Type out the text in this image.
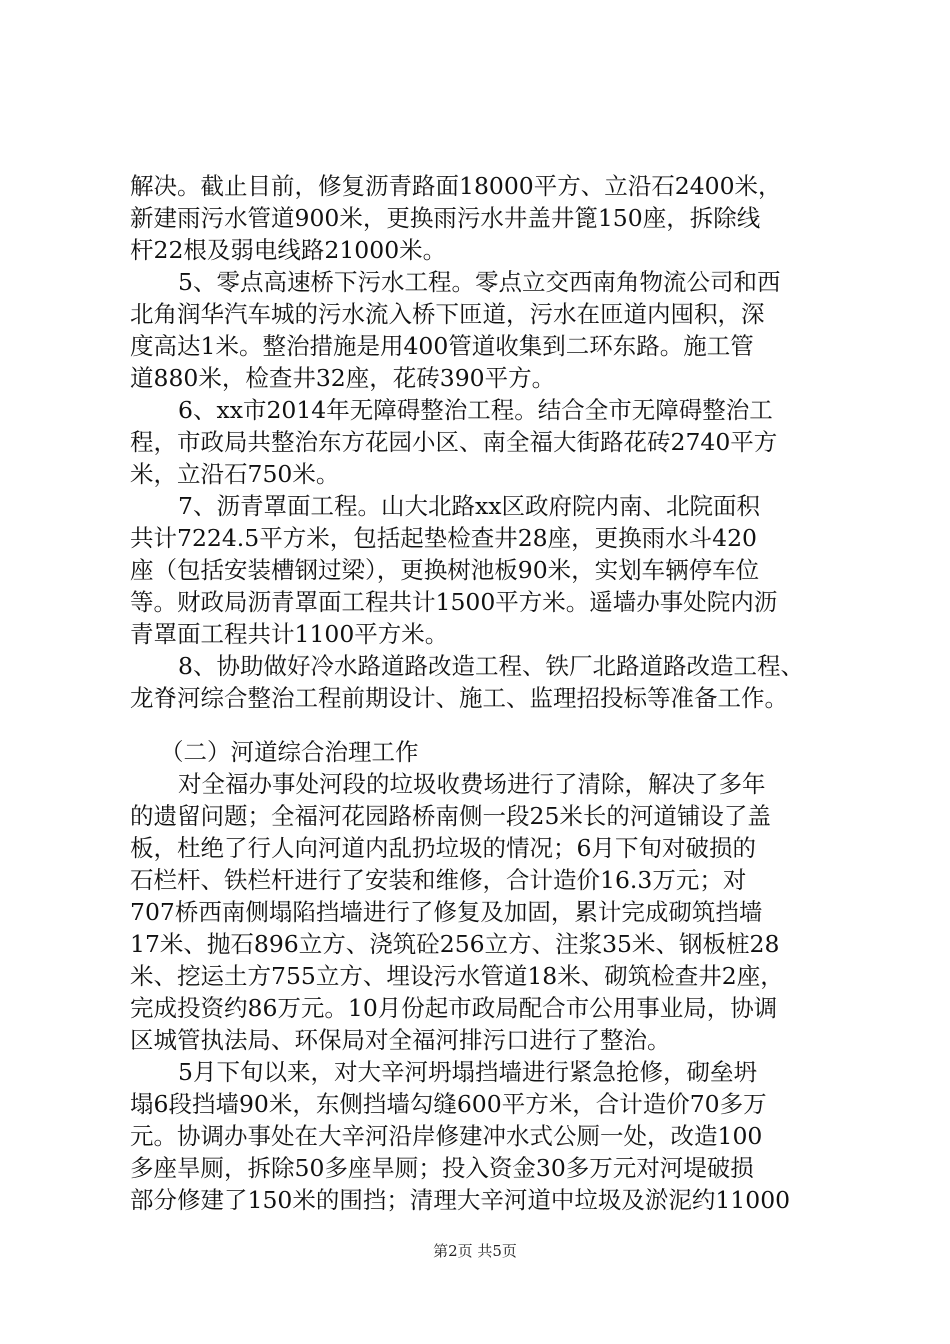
解决。截止目前，修复沥青路面18000平方、立沿石2400米，
新建雨污水管道900米，更换雨污水井盖井篦150座，拆除线
杆22根及弱电线路21000米。
5、零点高速桥下污水工程。零点立交西南角物流公司和西
北角润华汽车城的污水流入桥下匝道，污水在匝道内囤积，深
度高达1米。整治措施是用400管道收集到二环东路。施工管
道880米，检查井32座，花砖390平方。
6、xx市2014年无障碍整治工程。结合全市无障碍整治工
程，市政局共整治东方花园小区、南全福大街路花砖2740平方
米，立沿石750米。
7、沥青罩面工程。山大北路xx区政府院内南、北院面积
共计7224.5平方米，包括起垫检查井28座，更换雨水斗420
座（包括安装槽钢过梁），更换树池板90米，实划车辆停车位
等。财政局沥青罩面工程共计1500平方米。遥墙办事处院内沥
青罩面工程共计1100平方米。
8、协助做好冷水路道路改造工程、铁厂北路道路改造工程、
龙脊河综合整治工程前期设计、施工、监理招投标等准备工作。
（二）河道综合治理工作
对全福办事处河段的垃圾收费场进行了清除，解决了多年
的遗留问题；全福河花园路桥南侧一段25米长的河道铺设了盖
板，杜绝了行人向河道内乱扔垃圾的情况；6月下旬对破损的
石栏杆、铁栏杆进行了安装和维修，合计造价16.3万元；对
707桥西南侧塌陷挡墙进行了修复及加固，累计完成砌筑挡墙
17米、抛石896立方、浇筑砼256立方、注浆35米、钢板桩28
米、挖运土方755立方、埋设污水管道18米、砌筑检查井2座，
完成投资约86万元。10月份起市政局配合市公用事业局，协调
区城管执法局、环保局对全福河排污口进行了整治。
5月下旬以来，对大辛河坍塌挡墙进行紧急抢修，砌垒坍
塌6段挡墙90米，东侧挡墙勾缝600平方米，合计造价70多万
元。协调办事处在大辛河沿岸修建冲水式公厕一处，改造100
多座旱厕，拆除50多座旱厕；投入资金30多万元对河堤破损
部分修建了150米的围挡；清理大辛河道中垃圾及淤泥约11000
第2页 共5页
